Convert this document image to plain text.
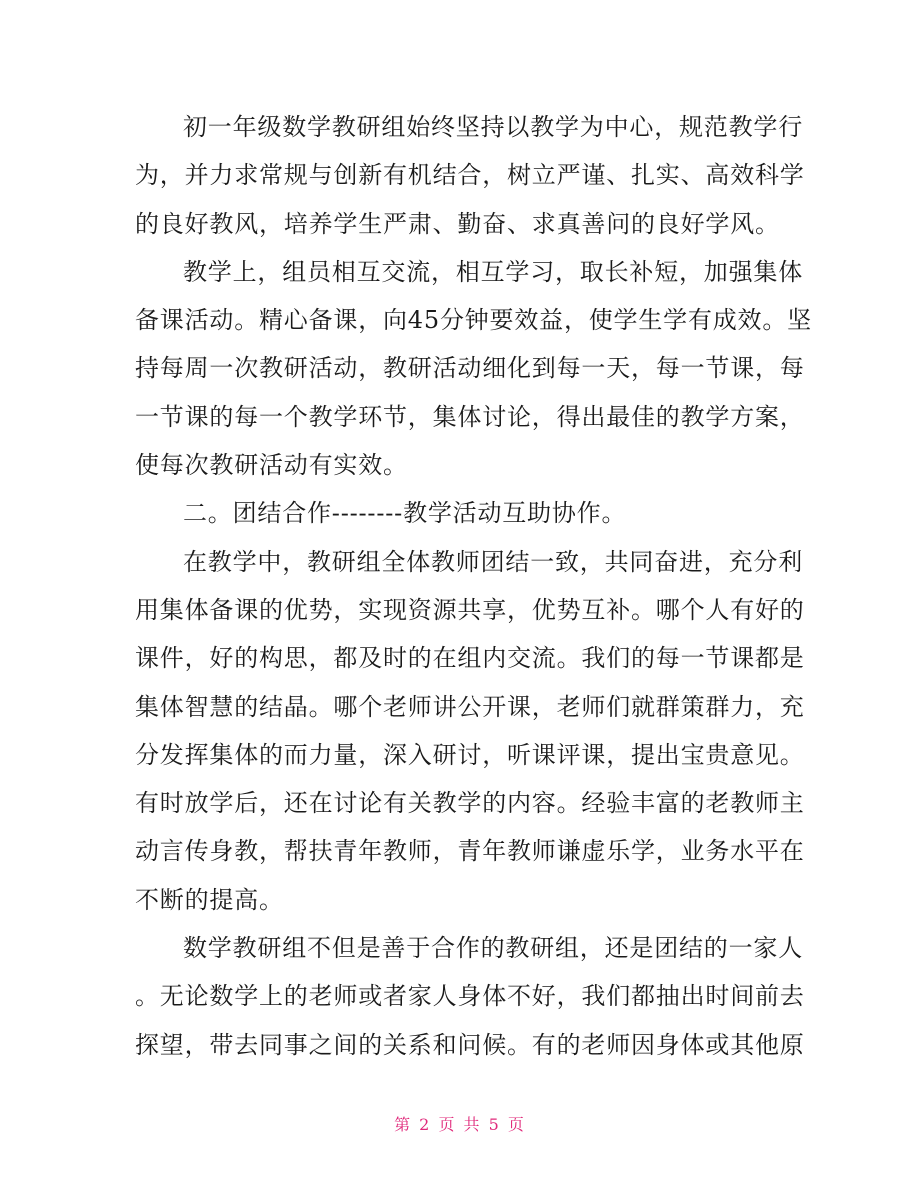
初一年级数学教研组始终坚持以教学为中心，规范教学行
为，并力求常规与创新有机结合，树立严谨、扎实、高效科学
的良好教风，培养学生严肃、勤奋、求真善问的良好学风。
教学上，组员相互交流，相互学习，取长补短，加强集体
备课活动。精心备课，向45分钟要效益，使学生学有成效。坚
持每周一次教研活动，教研活动细化到每一天，每一节课，每
一节课的每一个教学环节，集体讨论，得出最佳的教学方案，
使每次教研活动有实效。
二。团结合作--------教学活动互助协作。
在教学中，教研组全体教师团结一致，共同奋进，充分利
用集体备课的优势，实现资源共享，优势互补。哪个人有好的
课件，好的构思，都及时的在组内交流。我们的每一节课都是
集体智慧的结晶。哪个老师讲公开课，老师们就群策群力，充
分发挥集体的而力量，深入研讨，听课评课，提出宝贵意见。
有时放学后，还在讨论有关教学的内容。经验丰富的老教师主
动言传身教，帮扶青年教师，青年教师谦虚乐学，业务水平在
不断的提高。
数学教研组不但是善于合作的教研组，还是团结的一家人
。无论数学上的老师或者家人身体不好，我们都抽出时间前去
探望，带去同事之间的关系和问候。有的老师因身体或其他原
第 2 页 共 5 页
